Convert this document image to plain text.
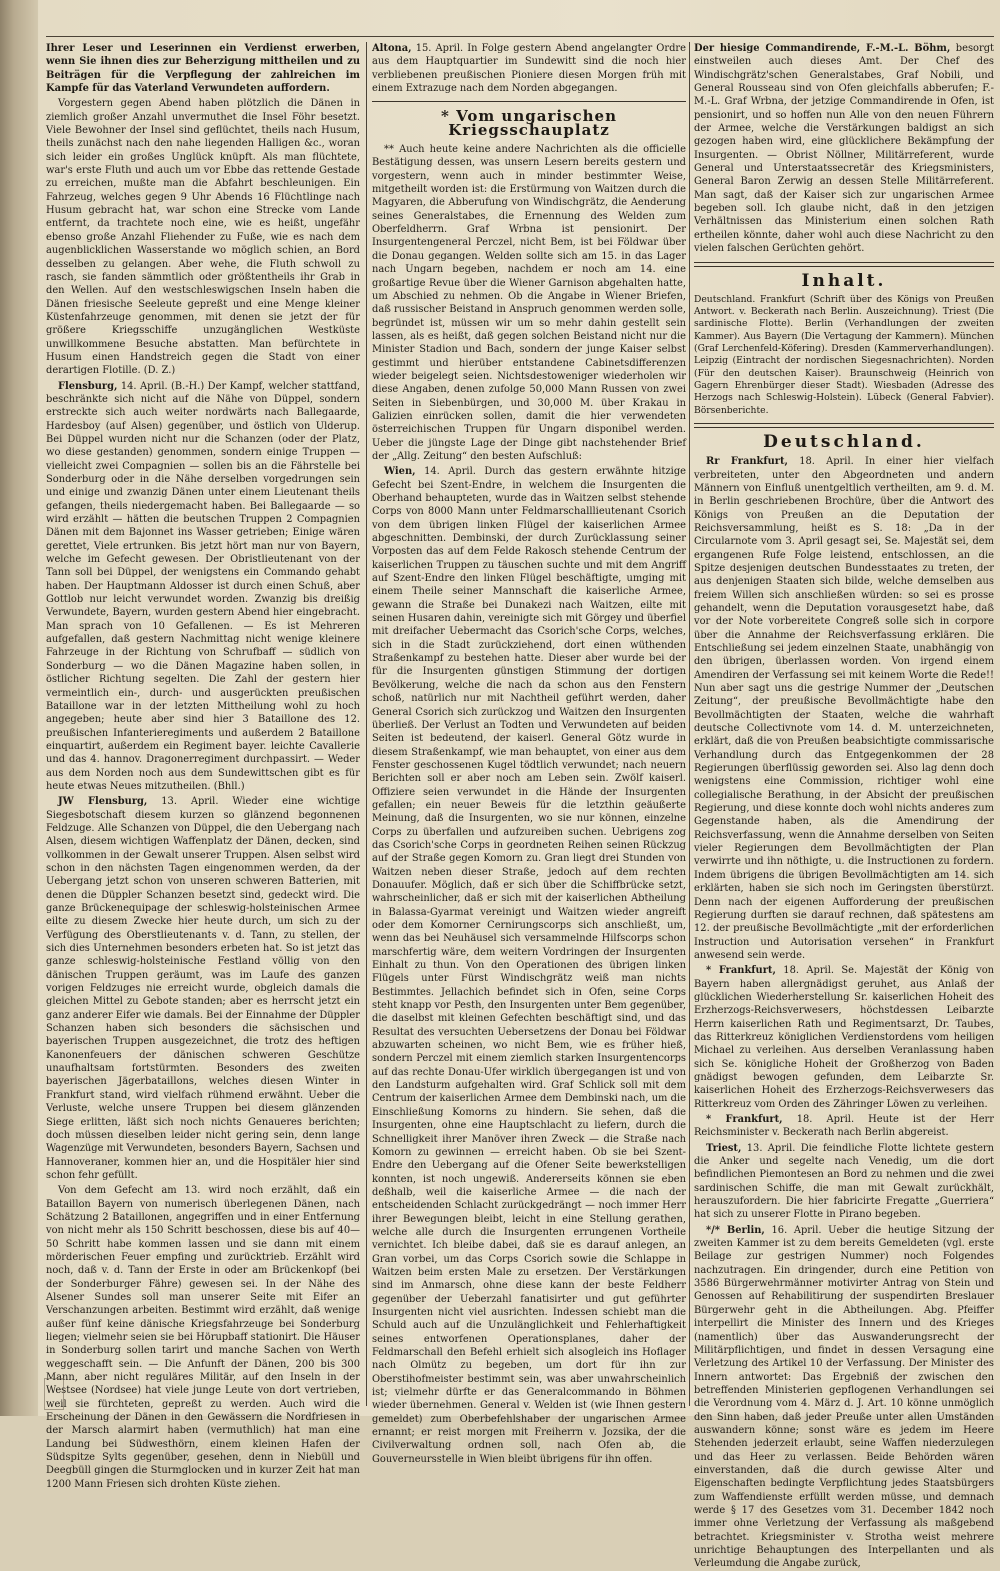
Ihrer Leser und Leserinnen ein Verdienst erwerben, wenn Sie ihnen dies zur Beherzigung mittheilen und zu Beiträgen für die Verpflegung der zahlreichen im Kampfe für das Vaterland Verwundeten auffordern.

Vorgestern gegen Abend haben plötzlich die Dänen in ziemlich großer Anzahl unvermuthet die Insel Föhr besetzt. Viele Bewohner der Insel sind geflüchtet, theils nach Husum, theils zunächst nach den nahe liegenden Halligen &c., woran sich leider ein großes Unglück knüpft. Als man flüchtete, war's erste Fluth und auch um vor Ebbe das rettende Gestade zu erreichen, mußte man die Abfahrt beschleunigen. Ein Fahrzeug, welches gegen 9 Uhr Abends 16 Flüchtlinge nach Husum gebracht hat, war schon eine Strecke vom Lande entfernt, da trachtete noch eine, wie es heißt, ungefähr ebenso große Anzahl Fliehender zu Fuße, wie es nach dem augenblicklichen Wasserstande wo möglich schien, an Bord desselben zu gelangen. Aber wehe, die Fluth schwoll zu rasch, sie fanden sämmtlich oder größtentheils ihr Grab in den Wellen. Auf den westschleswigschen Inseln haben die Dänen friesische Seeleute gepreßt und eine Menge kleiner Küstenfahrzeuge genommen, mit denen sie jetzt der für größere Kriegsschiffe unzugänglichen Westküste unwillkommene Besuche abstatten. Man befürchtete in Husum einen Handstreich gegen die Stadt von einer derartigen Flotille. (D. Z.)

Flensburg, 14. April. (B.-H.) Der Kampf, welcher stattfand, beschränkte sich nicht auf die Nähe von Düppel, sondern erstreckte sich auch weiter nordwärts nach Ballegaarde, Hardesboy (auf Alsen) gegenüber, und östlich von Ulderup. Bei Düppel wurden nicht nur die Schanzen (oder der Platz, wo diese gestanden) genommen, sondern einige Truppen — vielleicht zwei Compagnien — sollen bis an die Fährstelle bei Sonderburg oder in die Nähe derselben vorgedrungen sein und einige und zwanzig Dänen unter einem Lieutenant theils gefangen, theils niedergemacht haben. Bei Ballegaarde — so wird erzählt — hätten die beutschen Truppen 2 Compagnien Dänen mit dem Bajonnet ins Wasser getrieben; Einige wären gerettet, Viele ertrunken. Bis jetzt hört man nur von Bayern, welche im Gefecht gewesen. Der Obristlieutenant von der Tann soll bei Düppel, der wenigstens ein Commando gehabt haben. Der Hauptmann Aldosser ist durch einen Schuß, aber Gottlob nur leicht verwundet worden. Zwanzig bis dreißig Verwundete, Bayern, wurden gestern Abend hier eingebracht. Man sprach von 10 Gefallenen. — Es ist Mehreren aufgefallen, daß gestern Nachmittag nicht wenige kleinere Fahrzeuge in der Richtung von Schrufbaff — südlich von Sonderburg — wo die Dänen Magazine haben sollen, in östlicher Richtung segelten. Die Zahl der gestern hier vermeintlich ein-, durch- und ausgerückten preußischen Bataillone war in der letzten Mittheilung wohl zu hoch angegeben; heute aber sind hier 3 Bataillone des 12. preußischen Infanterieregiments und außerdem 2 Bataillone einquartirt, außerdem ein Regiment bayer. leichte Cavallerie und das 4. hannov. Dragonerregiment durchpassirt. — Weder aus dem Norden noch aus dem Sundewittschen gibt es für heute etwas Neues mitzutheilen. (Bhll.)

JW Flensburg, 13. April. Wieder eine wichtige Siegesbotschaft diesem kurzen so glänzend begonnenen Feldzuge. Alle Schanzen von Düppel, die den Uebergang nach Alsen, diesem wichtigen Waffenplatz der Dänen, decken, sind vollkommen in der Gewalt unserer Truppen. Alsen selbst wird schon in den nächsten Tagen eingenommen werden, da der Uebergang jetzt schon von unseren schweren Batterien, mit denen die Düppler Schanzen besetzt sind, gedeckt wird. Die ganze Brückenequipage der schleswig-holsteinischen Armee eilte zu diesem Zwecke hier heute durch, um sich zu der Verfügung des Oberstlieutenants v. d. Tann, zu stellen, der sich dies Unternehmen besonders erbeten hat. So ist jetzt das ganze schleswig-holsteinische Festland völlig von den dänischen Truppen geräumt, was im Laufe des ganzen vorigen Feldzuges nie erreicht wurde, obgleich damals die gleichen Mittel zu Gebote standen; aber es herrscht jetzt ein ganz anderer Eifer wie damals. Bei der Einnahme der Düppler Schanzen haben sich besonders die sächsischen und bayerischen Truppen ausgezeichnet, die trotz des heftigen Kanonenfeuers der dänischen schweren Geschütze unaufhaltsam fortstürmten. Besonders des zweiten bayerischen Jägerbataillons, welches diesen Winter in Frankfurt stand, wird vielfach rühmend erwähnt. Ueber die Verluste, welche unsere Truppen bei diesem glänzenden Siege erlitten, läßt sich noch nichts Genaueres berichten; doch müssen dieselben leider nicht gering sein, denn lange Wagenzüge mit Verwundeten, besonders Bayern, Sachsen und Hannoveraner, kommen hier an, und die Hospitäler hier sind schon fehr gefüllt.

Von dem Gefecht am 13. wird noch erzählt, daß ein Bataillon Bayern von numerisch überlegenen Dänen, nach Schätzung 2 Bataillonen, angegriffen und in einer Entfernung von nicht mehr als 150 Schritt beschossen, diese bis auf 40—50 Schritt habe kommen lassen und sie dann mit einem mörderischen Feuer empfing und zurücktrieb. Erzählt wird noch, daß v. d. Tann der Erste in oder am Brückenkopf (bei der Sonderburger Fähre) gewesen sei. In der Nähe des Alsener Sundes soll man unserer Seite mit Eifer an Verschanzungen arbeiten. Bestimmt wird erzählt, daß wenige außer fünf keine dänische Kriegsfahrzeuge bei Sonderburg liegen; vielmehr seien sie bei Hörupbaff stationirt. Die Häuser in Sonderburg sollen tarirt und manche Sachen von Werth weggeschafft sein. — Die Anfunft der Dänen, 200 bis 300 Mann, aber nicht reguläres Militär, auf den Inseln in der Westsee (Nordsee) hat viele junge Leute von dort vertrieben, weil sie fürchteten, gepreßt zu werden. Auch wird die Erscheinung der Dänen in den Gewässern die Nordfriesen in der Marsch alarmirt haben (vermuthlich) hat man eine Landung bei Südwesthörn, einem kleinen Hafen der Südspitze Sylts gegenüber, gesehen, denn in Niebüll und Deegbüll gingen die Sturmglocken und in kurzer Zeit hat man 1200 Mann Friesen sich drohten Küste ziehen.

Altona, 15. April. In Folge gestern Abend angelangter Ordre aus dem Hauptquartier im Sundewitt sind die noch hier verbliebenen preußischen Pioniere diesen Morgen früh mit einem Extrazuge nach dem Norden abgegangen.

* Vom ungarischen Kriegsschauplatz

** Auch heute keine andere Nachrichten als die officielle Bestätigung dessen, was unsern Lesern bereits gestern und vorgestern, wenn auch in minder bestimmter Weise, mitgetheilt worden ist: die Erstürmung von Waitzen durch die Magyaren, die Abberufung von Windischgrätz, die Aenderung seines Generalstabes, die Ernennung des Welden zum Oberfeldherrn. Graf Wrbna ist pensionirt. Der Insurgentengeneral Perczel, nicht Bem, ist bei Földwar über die Donau gegangen. Welden sollte sich am 15. in das Lager nach Ungarn begeben, nachdem er noch am 14. eine großartige Revue über die Wiener Garnison abgehalten hatte, um Abschied zu nehmen. Ob die Angabe in Wiener Briefen, daß russischer Beistand in Anspruch genommen werden solle, begründet ist, müssen wir um so mehr dahin gestellt sein lassen, als es heißt, daß gegen solchen Beistand nicht nur die Minister Stadion und Bach, sondern der junge Kaiser selbst gestimmt und hierüber entstandene Cabinetsdifferenzen wieder beigelegt seien. Nichtsdestoweniger wiederholen wir diese Angaben, denen zufolge 50,000 Mann Russen von zwei Seiten in Siebenbürgen, und 30,000 M. über Krakau in Galizien einrücken sollen, damit die hier verwendeten österreichischen Truppen für Ungarn disponibel werden. Ueber die jüngste Lage der Dinge gibt nachstehender Brief der „Allg. Zeitung“ den besten Aufschluß:

Wien, 14. April. Durch das gestern erwähnte hitzige Gefecht bei Szent-Endre, in welchem die Insurgenten die Oberhand behaupteten, wurde das in Waitzen selbst stehende Corps von 8000 Mann unter Feldmarschalllieutenant Csorich von dem übrigen linken Flügel der kaiserlichen Armee abgeschnitten. Dembinski, der durch Zurücklassung seiner Vorposten das auf dem Felde Rakosch stehende Centrum der kaiserlichen Truppen zu täuschen suchte und mit dem Angriff auf Szent-Endre den linken Flügel beschäftigte, umging mit einem Theile seiner Mannschaft die kaiserliche Armee, gewann die Straße bei Dunakezi nach Waitzen, eilte mit seinen Husaren dahin, vereinigte sich mit Görgey und überfiel mit dreifacher Uebermacht das Csorich'sche Corps, welches, sich in die Stadt zurückziehend, dort einen wüthenden Straßenkampf zu bestehen hatte. Dieser aber wurde bei der für die Insurgenten günstigen Stimmung der dortigen Bevölkerung, welche die nach da schon aus den Fenstern schoß, natürlich nur mit Nachtheil geführt werden, daher General Csorich sich zurückzog und Waitzen den Insurgenten überließ. Der Verlust an Todten und Verwundeten auf beiden Seiten ist bedeutend, der kaiserl. General Götz wurde in diesem Straßenkampf, wie man behauptet, von einer aus dem Fenster geschossenen Kugel tödtlich verwundet; nach neuern Berichten soll er aber noch am Leben sein. Zwölf kaiserl. Offiziere seien verwundet in die Hände der Insurgenten gefallen; ein neuer Beweis für die letzthin geäußerte Meinung, daß die Insurgenten, wo sie nur können, einzelne Corps zu überfallen und aufzureiben suchen. Uebrigens zog das Csorich'sche Corps in geordneten Reihen seinen Rückzug auf der Straße gegen Komorn zu. Gran liegt drei Stunden von Waitzen neben dieser Straße, jedoch auf dem rechten Donauufer. Möglich, daß er sich über die Schiffbrücke setzt, wahrscheinlicher, daß er sich mit der kaiserlichen Abtheilung in Balassa-Gyarmat vereinigt und Waitzen wieder angreift oder dem Komorner Cernirungscorps sich anschließt, um, wenn das bei Neuhäusel sich versammelnde Hilfscorps schon marschfertig wäre, dem weitern Vordringen der Insurgenten Einhalt zu thun. Von den Operationen des übrigen linken Flügels unter Fürst Windischgrätz weiß man nichts Bestimmtes. Jellachich befindet sich in Ofen, seine Corps steht knapp vor Pesth, den Insurgenten unter Bem gegenüber, die daselbst mit kleinen Gefechten beschäftigt sind, und das Resultat des versuchten Uebersetzens der Donau bei Földwar abzuwarten scheinen, wo nicht Bem, wie es früher hieß, sondern Perczel mit einem ziemlich starken Insurgentencorps auf das rechte Donau-Ufer wirklich übergegangen ist und von den Landsturm aufgehalten wird. Graf Schlick soll mit dem Centrum der kaiserlichen Armee dem Dembinski nach, um die Einschließung Komorns zu hindern. Sie sehen, daß die Insurgenten, ohne eine Hauptschlacht zu liefern, durch die Schnelligkeit ihrer Manöver ihren Zweck — die Straße nach Komorn zu gewinnen — erreicht haben. Ob sie bei Szent-Endre den Uebergang auf die Ofener Seite bewerkstelligen konnten, ist noch ungewiß. Andererseits können sie eben deßhalb, weil die kaiserliche Armee — die nach der entscheidenden Schlacht zurückgedrängt — noch immer Herr ihrer Bewegungen bleibt, leicht in eine Stellung gerathen, welche alle durch die Insurgenten errungenen Vortheile vernichtet. Ich bleibe dabei, daß sie es darauf anlegen, an Gran vorbei, um das Corps Csorich sowie die Schlappe in Waitzen beim ersten Male zu ersetzen. Der Verstärkungen sind im Anmarsch, ohne diese kann der beste Feldherr gegenüber der Ueberzahl fanatisirter und gut geführter Insurgenten nicht viel ausrichten. Indessen schiebt man die Schuld auch auf die Unzulänglichkeit und Fehlerhaftigkeit seines entworfenen Operationsplanes, daher der Feldmarschall den Befehl erhielt sich alsogleich ins Hoflager nach Olmütz zu begeben, um dort für ihn zur Oberstihofmeister bestimmt sein, was aber unwahrscheinlich ist; vielmehr dürfte er das Generalcommando in Böhmen wieder übernehmen. General v. Welden ist (wie Ihnen gestern gemeldet) zum Oberbefehlshaber der ungarischen Armee ernannt; er reist morgen mit Freiherrn v. Jozsika, der die Civilverwaltung ordnen soll, nach Ofen ab, die Gouverneursstelle in Wien bleibt übrigens für ihn offen.

Der hiesige Commandirende, F.-M.-L. Böhm, besorgt einstweilen auch dieses Amt. Der Chef des Windischgrätz'schen Generalstabes, Graf Nobili, und General Rousseau sind von Ofen gleichfalls abberufen; F.-M.-L. Graf Wrbna, der jetzige Commandirende in Ofen, ist pensionirt, und so hoffen nun Alle von den neuen Führern der Armee, welche die Verstärkungen baldigst an sich gezogen haben wird, eine glücklichere Bekämpfung der Insurgenten. — Obrist Nöllner, Militärreferent, wurde General und Unterstaatssecretär des Kriegsministers, General Baron Zerwig an dessen Stelle Militärreferent. Man sagt, daß der Kaiser sich zur ungarischen Armee begeben soll. Ich glaube nicht, daß in den jetzigen Verhältnissen das Ministerium einen solchen Rath ertheilen könnte, daher wohl auch diese Nachricht zu den vielen falschen Gerüchten gehört.

Inhalt.

Deutschland. Frankfurt (Schrift über des Königs von Preußen Antwort. v. Beckerath nach Berlin. Auszeichnung). Triest (Die sardinische Flotte). Berlin (Verhandlungen der zweiten Kammer). Aus Bayern (Die Vertagung der Kammern). München (Graf Lerchenfeld-Köfering). Dresden (Kammerverhandlungen). Leipzig (Eintracht der nordischen Siegesnachrichten). Norden (Für den deutschen Kaiser). Braunschweig (Heinrich von Gagern Ehrenbürger dieser Stadt). Wiesbaden (Adresse des Herzogs nach Schleswig-Holstein). Lübeck (General Fabvier). Börsenberichte.

Deutschland.

Rr Frankfurt, 18. April. In einer hier vielfach verbreiteten, unter den Abgeordneten und andern Männern von Einfluß unentgeltlich vertheilten, am 9. d. M. in Berlin geschriebenen Brochüre, über die Antwort des Königs von Preußen an die Deputation der Reichsversammlung, heißt es S. 18: „Da in der Circularnote vom 3. April gesagt sei, Se. Majestät sei, dem ergangenen Rufe Folge leistend, entschlossen, an die Spitze desjenigen deutschen Bundesstaates zu treten, der aus denjenigen Staaten sich bilde, welche demselben aus freiem Willen sich anschließen würden: so sei es prosse gehandelt, wenn die Deputation vorausgesetzt habe, daß vor der Note vorbereitete Congreß solle sich in corpore über die Annahme der Reichsverfassung erklären. Die Entschließung sei jedem einzelnen Staate, unabhängig von den übrigen, überlassen worden. Von irgend einem Amendiren der Verfassung sei mit keinem Worte die Rede!! Nun aber sagt uns die gestrige Nummer der „Deutschen Zeitung“, der preußische Bevollmächtigte habe den Bevollmächtigten der Staaten, welche die wahrhaft deutsche Collectivnote vom 14. d. M. unterzeichneten, erklärt, daß die von Preußen beabsichtigte commissarische Verhandlung durch das Entgegenkommen der 28 Regierungen überflüssig geworden sei. Also lag denn doch wenigstens eine Commission, richtiger wohl eine collegialische Berathung, in der Absicht der preußischen Regierung, und diese konnte doch wohl nichts anderes zum Gegenstande haben, als die Amendirung der Reichsverfassung, wenn die Annahme derselben von Seiten vieler Regierungen dem Bevollmächtigten der Plan verwirrte und ihn nöthigte, u. die Instructionen zu fordern. Indem übrigens die übrigen Bevollmächtigten am 14. sich erklärten, haben sie sich noch im Geringsten überstürzt. Denn nach der eigenen Aufforderung der preußischen Regierung durften sie darauf rechnen, daß spätestens am 12. der preußische Bevollmächtigte „mit der erforderlichen Instruction und Autorisation versehen“ in Frankfurt anwesend sein werde.

* Frankfurt, 18. April. Se. Majestät der König von Bayern haben allergnädigst geruhet, aus Anlaß der glücklichen Wiederherstellung Sr. kaiserlichen Hoheit des Erzherzogs-Reichsverwesers, höchstdessen Leibarzte Herrn kaiserlichen Rath und Regimentsarzt, Dr. Taubes, das Ritterkreuz königlichen Verdienstordens vom heiligen Michael zu verleihen. Aus derselben Veranlassung haben sich Se. königliche Hoheit der Großherzog von Baden gnädigst bewogen gefunden, dem Leibarzte Sr. kaiserlichen Hoheit des Erzherzogs-Reichsverwesers das Ritterkreuz vom Orden des Zähringer Löwen zu verleihen.

* Frankfurt, 18. April. Heute ist der Herr Reichsminister v. Beckerath nach Berlin abgereist.

Triest, 13. April. Die feindliche Flotte lichtete gestern die Anker und segelte nach Venedig, um die dort befindlichen Piemontesen an Bord zu nehmen und die zwei sardinischen Schiffe, die man mit Gewalt zurückhält, herauszufordern. Die hier fabricirte Fregatte „Guerriera“ hat sich zu unserer Flotte in Pirano begeben.

*/* Berlin, 16. April. Ueber die heutige Sitzung der zweiten Kammer ist zu dem bereits Gemeldeten (vgl. erste Beilage zur gestrigen Nummer) noch Folgendes nachzutragen. Ein dringender, durch eine Petition von 3586 Bürgerwehrmänner motivirter Antrag von Stein und Genossen auf Rehabilitirung der suspendirten Breslauer Bürgerwehr geht in die Abtheilungen. Abg. Pfeiffer interpellirt die Minister des Innern und des Krieges (namentlich) über das Auswanderungsrecht der Militärpflichtigen, und findet in dessen Versagung eine Verletzung des Artikel 10 der Verfassung. Der Minister des Innern antwortet: Das Ergebniß der zwischen den betreffenden Ministerien gepflogenen Verhandlungen sei die Verordnung vom 4. März d. J. Art. 10 könne unmöglich den Sinn haben, daß jeder Preuße unter allen Umständen auswandern könne; sonst wäre es jedem im Heere Stehenden jederzeit erlaubt, seine Waffen niederzulegen und das Heer zu verlassen. Beide Behörden wären einverstanden, daß die durch gewisse Alter und Eigenschaften bedingte Verpflichtung jedes Staatsbürgers zum Waffendienste erfüllt werden müsse, und demnach werde § 17 des Gesetzes vom 31. December 1842 noch immer ohne Verletzung der Verfassung als maßgebend betrachtet. Kriegsminister v. Strotha weist mehrere unrichtige Behauptungen des Interpellanten und als Verleumdung die Angabe zurück,
